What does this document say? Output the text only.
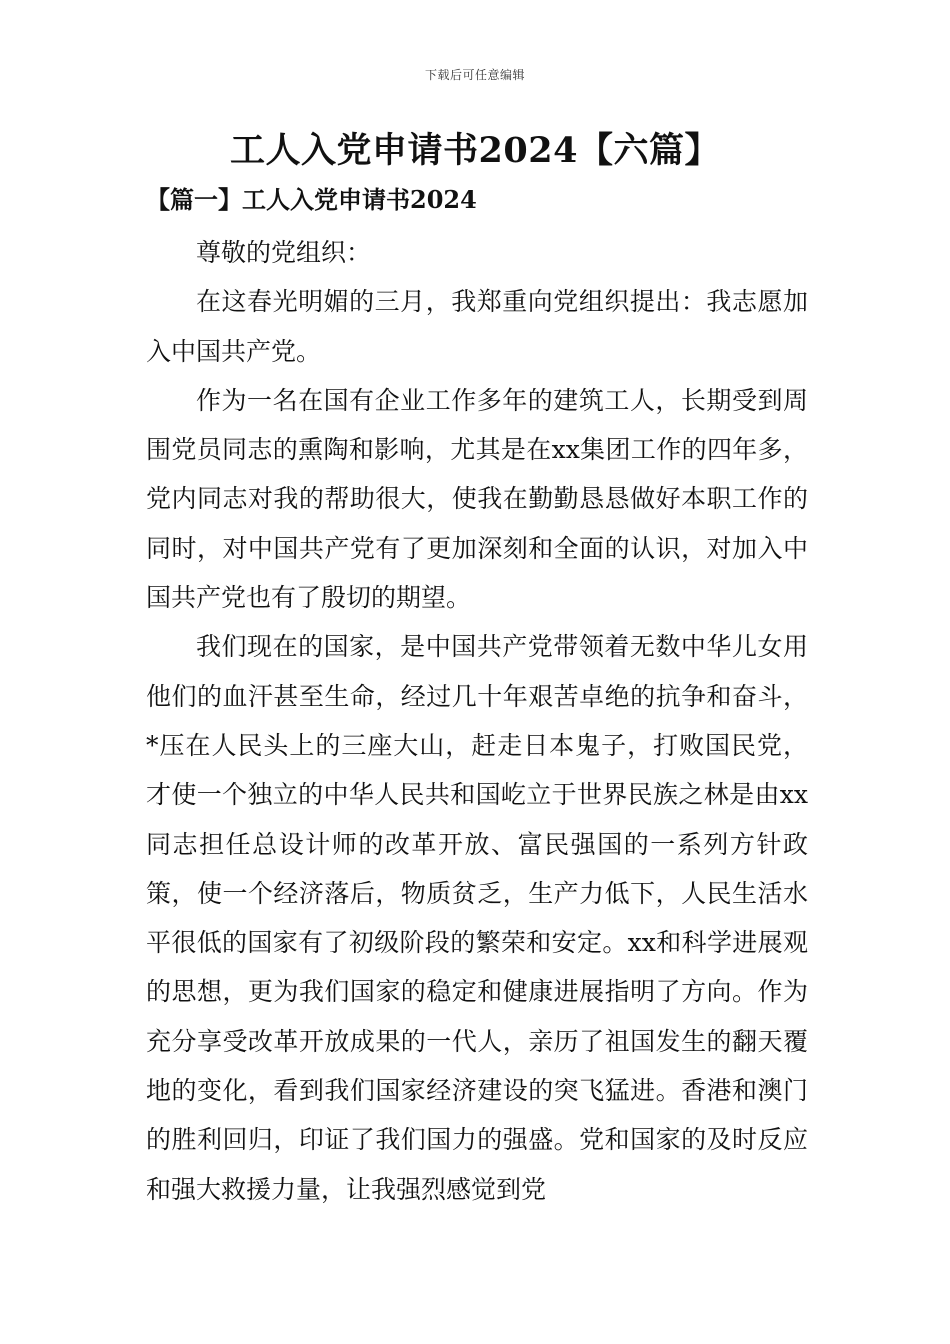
下载后可任意编辑
工人入党申请书2024【六篇】
【篇一】工人入党申请书2024

尊敬的党组织：

在这春光明媚的三月，我郑重向党组织提出：我志愿加入中国共产党。

作为一名在国有企业工作多年的建筑工人，长期受到周围党员同志的熏陶和影响，尤其是在xx集团工作的四年多，党内同志对我的帮助很大，使我在勤勤恳恳做好本职工作的同时，对中国共产党有了更加深刻和全面的认识，对加入中国共产党也有了殷切的期望。

我们现在的国家，是中国共产党带领着无数中华儿女用他们的血汗甚至生命，经过几十年艰苦卓绝的抗争和奋斗，*压在人民头上的三座大山，赶走日本鬼子，打败国民党，才使一个独立的中华人民共和国屹立于世界民族之林是由xx同志担任总设计师的改革开放、富民强国的一系列方针政策，使一个经济落后，物质贫乏，生产力低下，人民生活水平很低的国家有了初级阶段的繁荣和安定。xx和科学进展观的思想，更为我们国家的稳定和健康进展指明了方向。作为充分享受改革开放成果的一代人，亲历了祖国发生的翻天覆地的变化，看到我们国家经济建设的突飞猛进。香港和澳门的胜利回归，印证了我们国力的强盛。党和国家的及时反应和强大救援力量，让我强烈感觉到党
